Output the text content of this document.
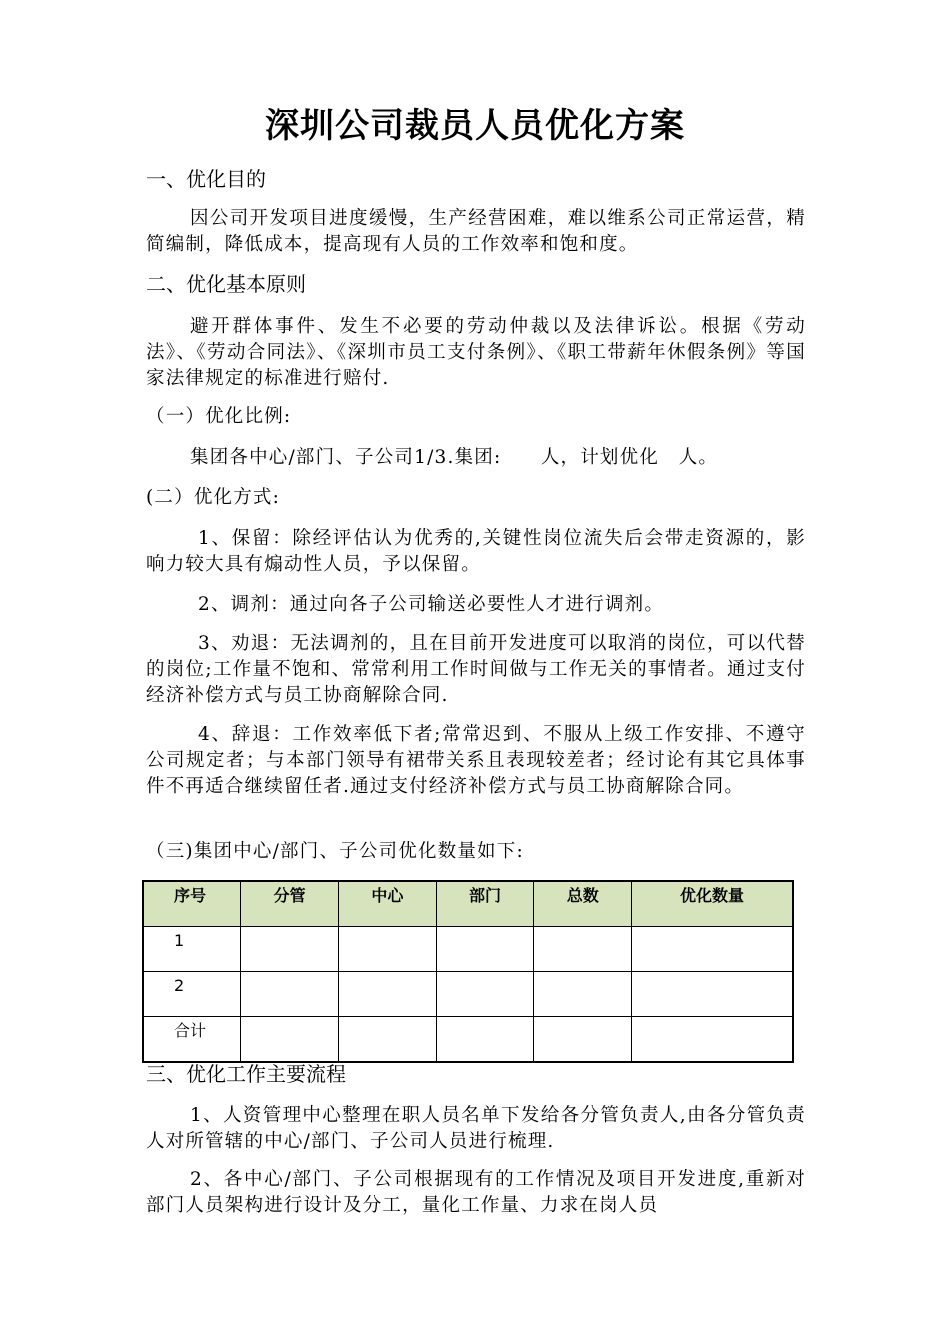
深圳公司裁员人员优化方案
一、优化目的
因公司开发项目进度缓慢，生产经营困难，难以维系公司正常运营，精简编制，降低成本，提高现有人员的工作效率和饱和度。
二、优化基本原则
避开群体事件、发生不必要的劳动仲裁以及法律诉讼。根据《劳动法》、《劳动合同法》、《深圳市员工支付条例》、《职工带薪年休假条例》等国家法律规定的标准进行赔付.
（一）优化比例:
集团各中心/部门、子公司1/3.集团:　　人，计划优化　人。
(二）优化方式:
1、保留：除经评估认为优秀的,关键性岗位流失后会带走资源的，影响力较大具有煽动性人员，予以保留。
2、调剂：通过向各子公司输送必要性人才进行调剂。
3、劝退：无法调剂的，且在目前开发进度可以取消的岗位，可以代替的岗位;工作量不饱和、常常利用工作时间做与工作无关的事情者。通过支付经济补偿方式与员工协商解除合同.
4、辞退：工作效率低下者;常常迟到、不服从上级工作安排、不遵守公司规定者；与本部门领导有裙带关系且表现较差者；经讨论有其它具体事件不再适合继续留任者.通过支付经济补偿方式与员工协商解除合同。
（三)集团中心/部门、子公司优化数量如下:
序号	分管	中心	部门	总数	优化数量
1					
2					
合计					
三、优化工作主要流程
1、人资管理中心整理在职人员名单下发给各分管负责人,由各分管负责人对所管辖的中心/部门、子公司人员进行梳理.
2、各中心/部门、子公司根据现有的工作情况及项目开发进度,重新对部门人员架构进行设计及分工，量化工作量、力求在岗人员
